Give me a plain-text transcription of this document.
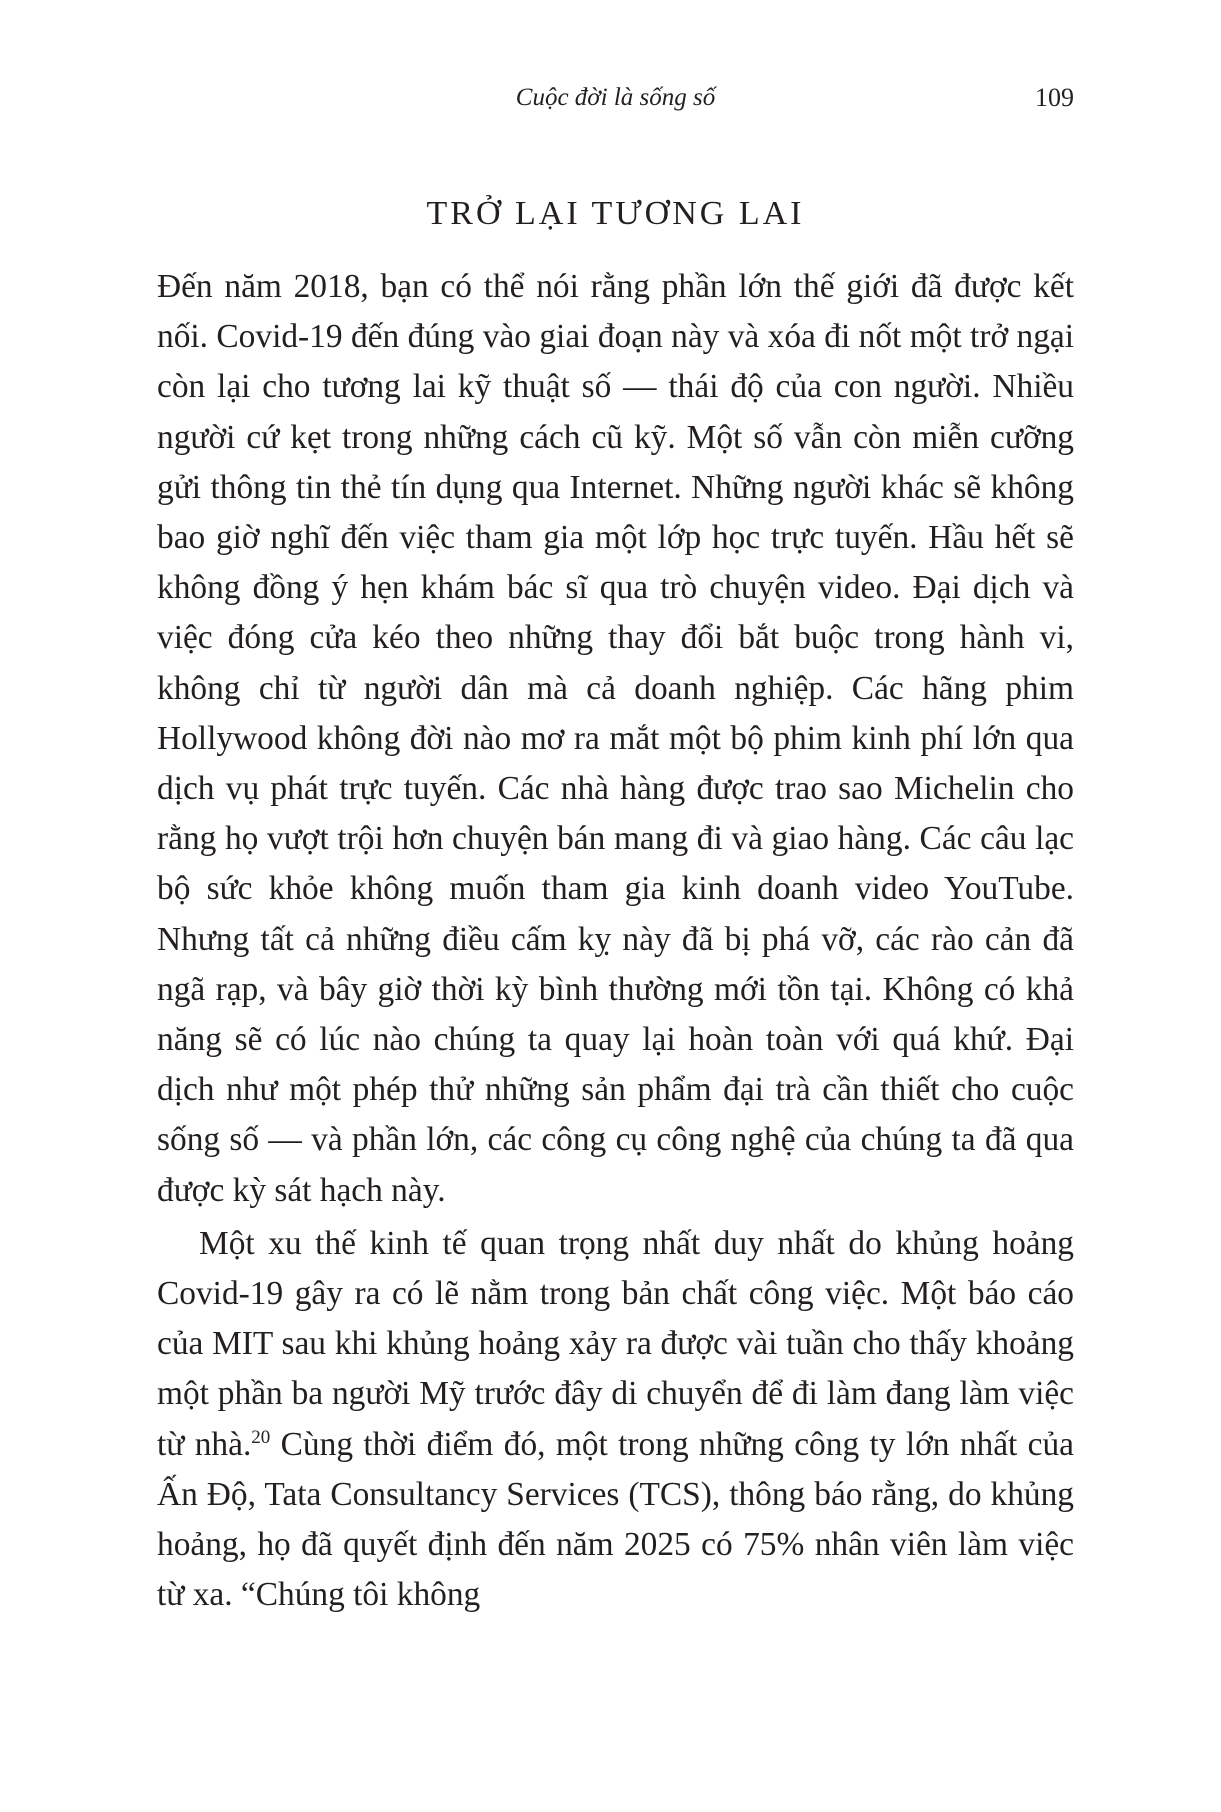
Cuộc đời là sống số	109
TRỞ LẠI TƯƠNG LAI

Đến năm 2018, bạn có thể nói rằng phần lớn thế giới đã được kết nối. Covid-19 đến đúng vào giai đoạn này và xóa đi nốt một trở ngại còn lại cho tương lai kỹ thuật số — thái độ của con người. Nhiều người cứ kẹt trong những cách cũ kỹ. Một số vẫn còn miễn cưỡng gửi thông tin thẻ tín dụng qua Internet. Những người khác sẽ không bao giờ nghĩ đến việc tham gia một lớp học trực tuyến. Hầu hết sẽ không đồng ý hẹn khám bác sĩ qua trò chuyện video. Đại dịch và việc đóng cửa kéo theo những thay đổi bắt buộc trong hành vi, không chỉ từ người dân mà cả doanh nghiệp. Các hãng phim Hollywood không đời nào mơ ra mắt một bộ phim kinh phí lớn qua dịch vụ phát trực tuyến. Các nhà hàng được trao sao Michelin cho rằng họ vượt trội hơn chuyện bán mang đi và giao hàng. Các câu lạc bộ sức khỏe không muốn tham gia kinh doanh video YouTube. Nhưng tất cả những điều cấm kỵ này đã bị phá vỡ, các rào cản đã ngã rạp, và bây giờ thời kỳ bình thường mới tồn tại. Không có khả năng sẽ có lúc nào chúng ta quay lại hoàn toàn với quá khứ. Đại dịch như một phép thử những sản phẩm đại trà cần thiết cho cuộc sống số — và phần lớn, các công cụ công nghệ của chúng ta đã qua được kỳ sát hạch này.

Một xu thế kinh tế quan trọng nhất duy nhất do khủng hoảng Covid-19 gây ra có lẽ nằm trong bản chất công việc. Một báo cáo của MIT sau khi khủng hoảng xảy ra được vài tuần cho thấy khoảng một phần ba người Mỹ trước đây di chuyển để đi làm đang làm việc từ nhà.$^{20}$ Cùng thời điểm đó, một trong những công ty lớn nhất của Ấn Độ, Tata Consultancy Services (TCS), thông báo rằng, do khủng hoảng, họ đã quyết định đến năm 2025 có 75% nhân viên làm việc từ xa. “Chúng tôi không
